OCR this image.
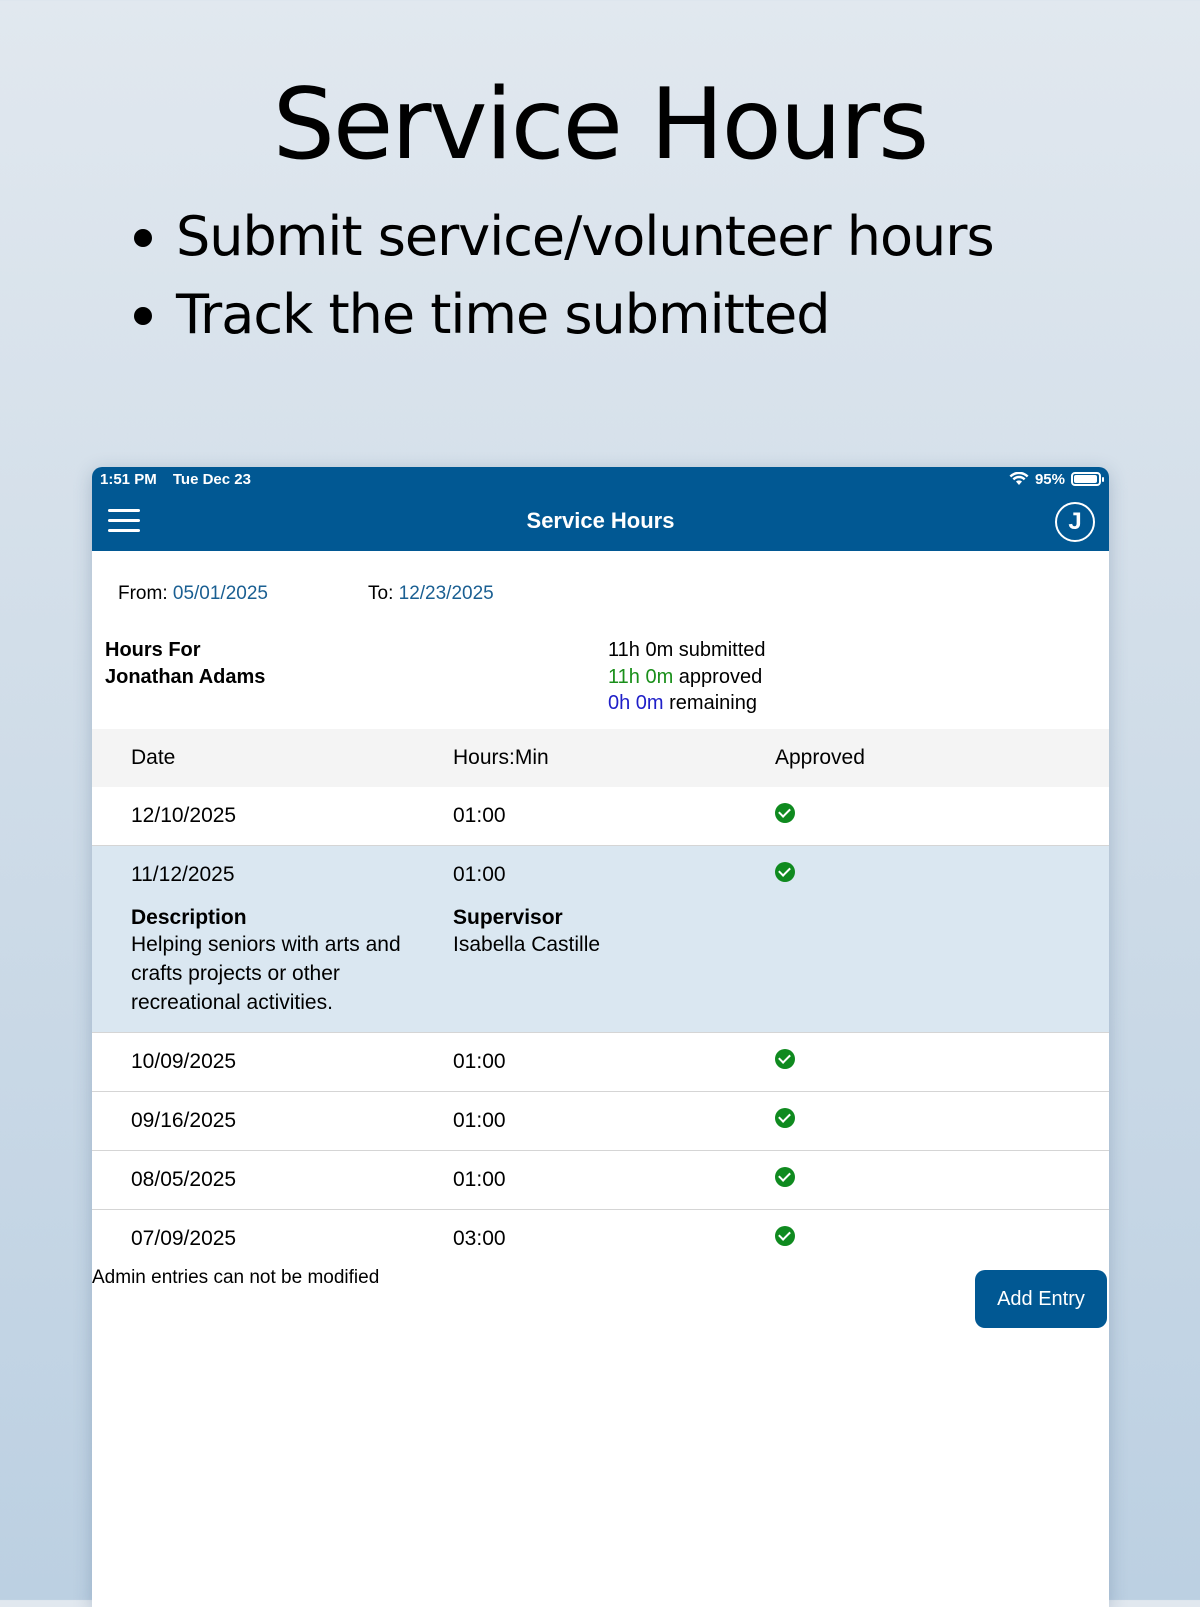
Service Hours
Submit service/volunteer hours
Track the time submitted
1:51 PM Tue Dec 23	95%
Service Hours	J
From: 05/01/2025	To: 12/23/2025
Hours For
Jonathan Adams
11h 0m submitted
11h 0m approved
0h 0m remaining
Date	Hours:Min	Approved
12/10/2025	01:00
11/12/2025	01:00
Description
Helping seniors with arts and crafts projects or other recreational activities.
Supervisor
Isabella Castille
10/09/2025	01:00
09/16/2025	01:00
08/05/2025	01:00
07/09/2025	03:00
Admin entries can not be modified
Add Entry
